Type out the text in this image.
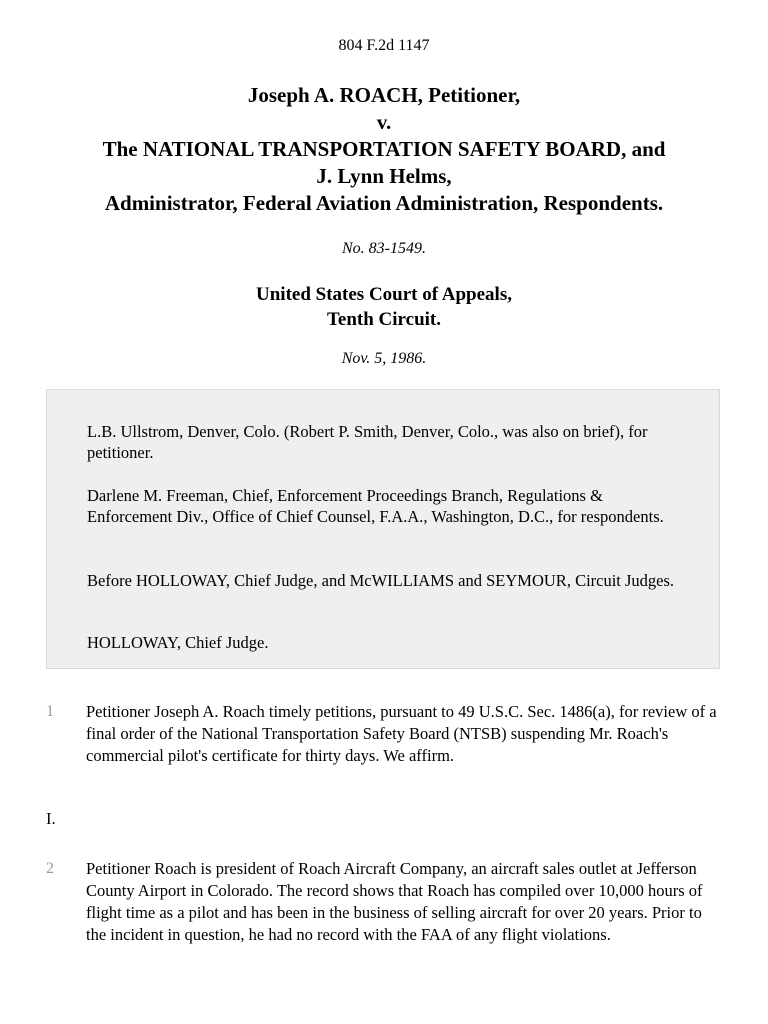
804 F.2d 1147
Joseph A. ROACH, Petitioner,
v.
The NATIONAL TRANSPORTATION SAFETY BOARD, and
J. Lynn Helms,
Administrator, Federal Aviation Administration, Respondents.
No. 83-1549.
United States Court of Appeals,
Tenth Circuit.
Nov. 5, 1986.
L.B. Ullstrom, Denver, Colo. (Robert P. Smith, Denver, Colo., was also on brief), for petitioner.
Darlene M. Freeman, Chief, Enforcement Proceedings Branch, Regulations & Enforcement Div., Office of Chief Counsel, F.A.A., Washington, D.C., for respondents.
Before HOLLOWAY, Chief Judge, and McWILLIAMS and SEYMOUR, Circuit Judges.
HOLLOWAY, Chief Judge.
1 Petitioner Joseph A. Roach timely petitions, pursuant to 49 U.S.C. Sec. 1486(a), for review of a final order of the National Transportation Safety Board (NTSB) suspending Mr. Roach's commercial pilot's certificate for thirty days. We affirm.
I.
2 Petitioner Roach is president of Roach Aircraft Company, an aircraft sales outlet at Jefferson County Airport in Colorado. The record shows that Roach has compiled over 10,000 hours of flight time as a pilot and has been in the business of selling aircraft for over 20 years. Prior to the incident in question, he had no record with the FAA of any flight violations.
